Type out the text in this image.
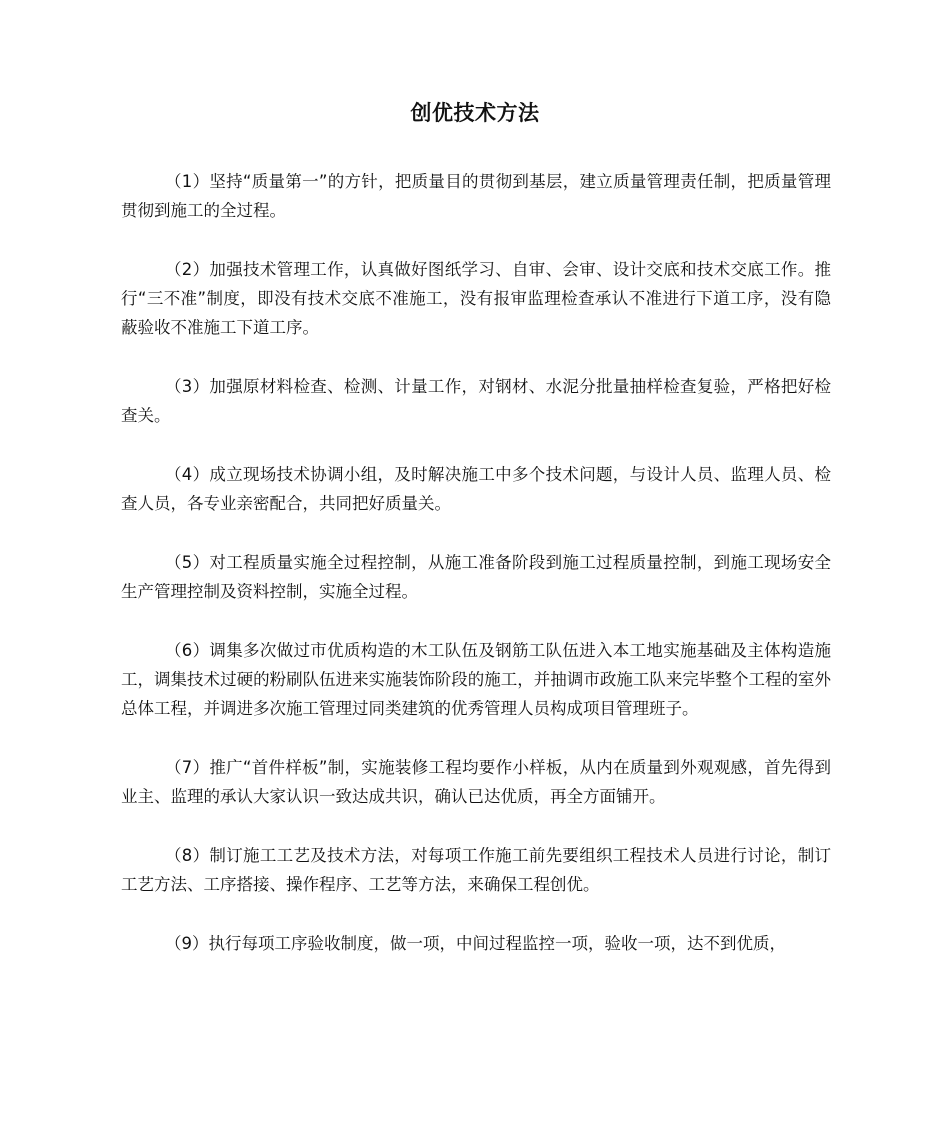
创优技术方法

（1）坚持“质量第一”的方针，把质量目的贯彻到基层，建立质量管理责任制，把质量管理贯彻到施工的全过程。

（2）加强技术管理工作，认真做好图纸学习、自审、会审、设计交底和技术交底工作。推行“三不准”制度，即没有技术交底不准施工，没有报审监理检查承认不准进行下道工序，没有隐蔽验收不准施工下道工序。

（3）加强原材料检查、检测、计量工作，对钢材、水泥分批量抽样检查复验，严格把好检查关。

（4）成立现场技术协调小组，及时解决施工中多个技术问题，与设计人员、监理人员、检查人员，各专业亲密配合，共同把好质量关。

（5）对工程质量实施全过程控制，从施工准备阶段到施工过程质量控制，到施工现场安全生产管理控制及资料控制，实施全过程。

（6）调集多次做过市优质构造的木工队伍及钢筋工队伍进入本工地实施基础及主体构造施工，调集技术过硬的粉刷队伍进来实施装饰阶段的施工，并抽调市政施工队来完毕整个工程的室外总体工程，并调进多次施工管理过同类建筑的优秀管理人员构成项目管理班子。

（7）推广“首件样板”制，实施装修工程均要作小样板，从内在质量到外观观感，首先得到业主、监理的承认大家认识一致达成共识，确认已达优质，再全方面铺开。

（8）制订施工工艺及技术方法，对每项工作施工前先要组织工程技术人员进行讨论，制订工艺方法、工序搭接、操作程序、工艺等方法，来确保工程创优。

（9）执行每项工序验收制度，做一项，中间过程监控一项，验收一项，达不到优质，
